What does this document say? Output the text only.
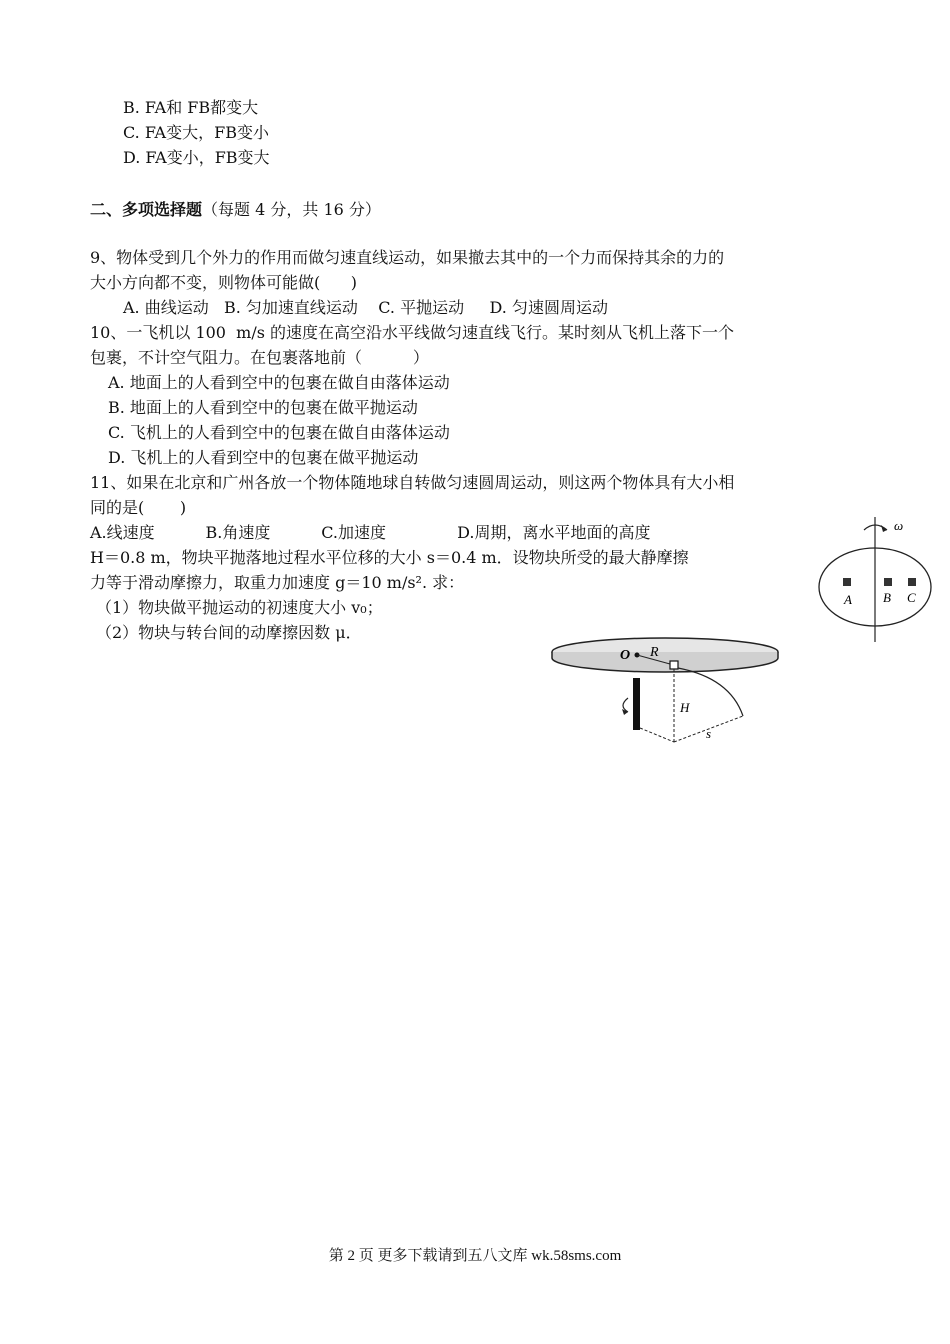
B. FA和 FB都变大
C. FA变大，FB变小
D. FA变小，FB变大
二、多项选择题（每题 4 分，共 16 分）
9、物体受到几个外力的作用而做匀速直线运动，如果撤去其中的一个力而保持其余的力的
大小方向都不变，则物体可能做(      )
A. 曲线运动   B. 匀加速直线运动    C. 平抛运动     D. 匀速圆周运动
10、一飞机以 100  m/s 的速度在高空沿水平线做匀速直线飞行。某时刻从飞机上落下一个
包裹，不计空气阻力。在包裹落地前（          ）
A. 地面上的人看到空中的包裹在做自由落体运动
B. 地面上的人看到空中的包裹在做平抛运动
C. 飞机上的人看到空中的包裹在做自由落体运动
D. 飞机上的人看到空中的包裹在做平抛运动
11、如果在北京和广州各放一个物体随地球自转做匀速圆周运动，则这两个物体具有大小相
同的是(       )
A.线速度          B.角速度          C.加速度              D.周期，离水平地面的高度
H＝0.8 m，物块平抛落地过程水平位移的大小 s＝0.4 m．设物块所受的最大静摩擦
力等于滑动摩擦力，取重力加速度 g＝10 m/s². 求：
（1）物块做平抛运动的初速度大小 v₀；
（2）物块与转台间的动摩擦因数 μ．
ω
A B C
O R
H
s
第 2 页 更多下载请到五八文库 wk.58sms.com
